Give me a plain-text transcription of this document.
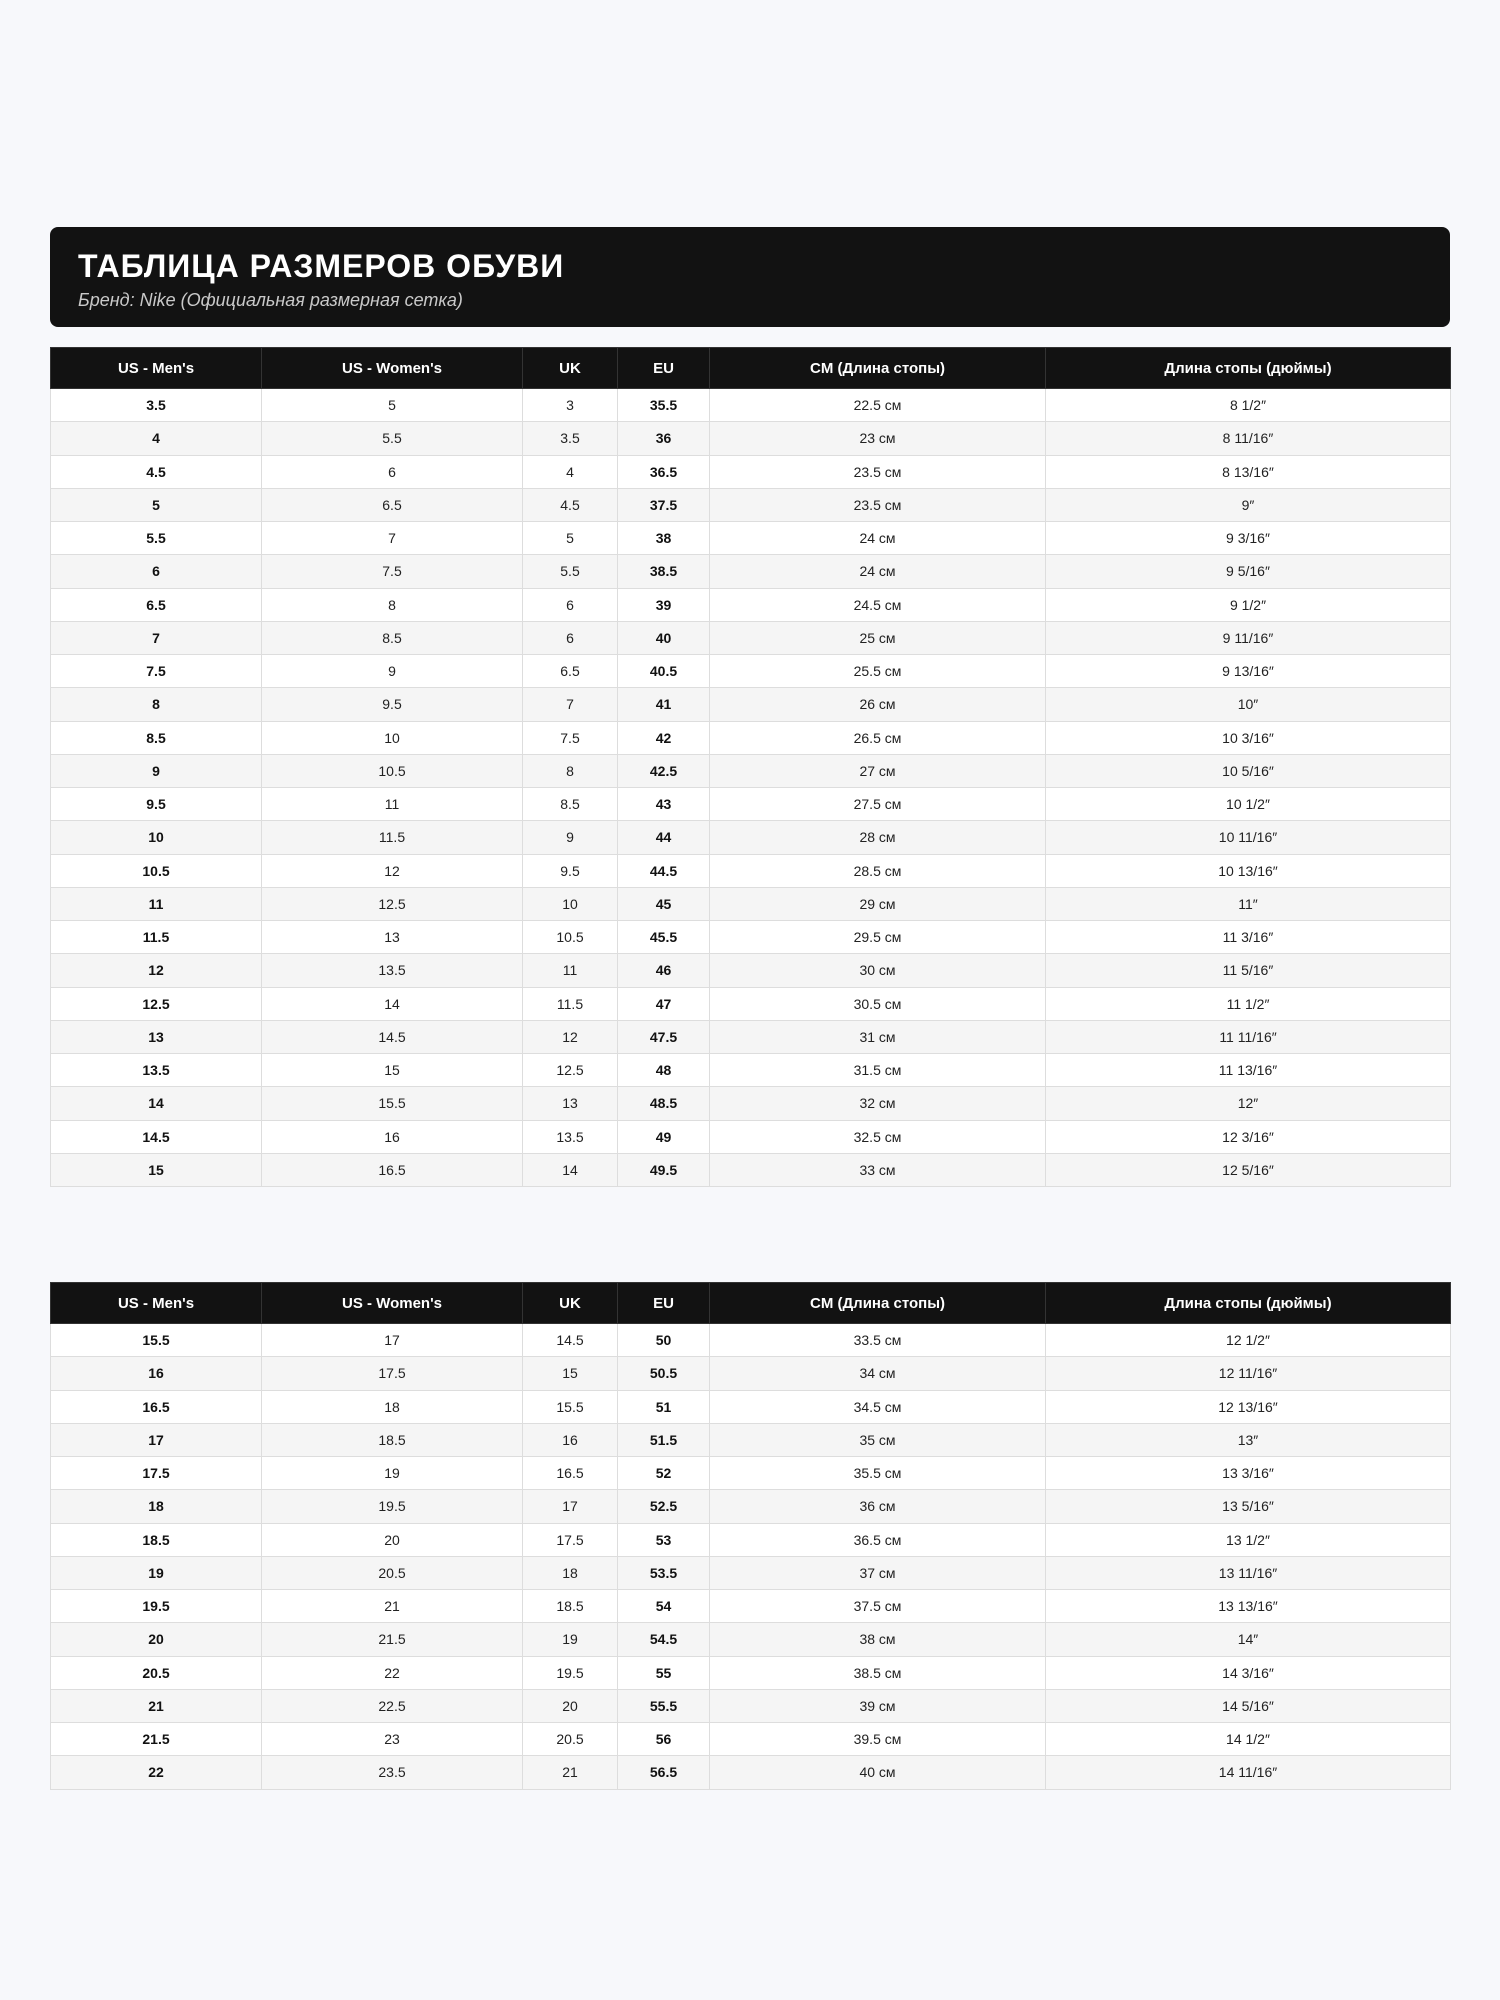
ТАБЛИЦА РАЗМЕРОВ ОБУВИ
Бренд: Nike (Официальная размерная сетка)
US - Men's	US - Women's	UK	EU	CM (Длина стопы)	Длина стопы (дюймы)
3.5	5	3	35.5	22.5 см	8 1/2″
4	5.5	3.5	36	23 см	8 11/16″
4.5	6	4	36.5	23.5 см	8 13/16″
5	6.5	4.5	37.5	23.5 см	9″
5.5	7	5	38	24 см	9 3/16″
6	7.5	5.5	38.5	24 см	9 5/16″
6.5	8	6	39	24.5 см	9 1/2″
7	8.5	6	40	25 см	9 11/16″
7.5	9	6.5	40.5	25.5 см	9 13/16″
8	9.5	7	41	26 см	10″
8.5	10	7.5	42	26.5 см	10 3/16″
9	10.5	8	42.5	27 см	10 5/16″
9.5	11	8.5	43	27.5 см	10 1/2″
10	11.5	9	44	28 см	10 11/16″
10.5	12	9.5	44.5	28.5 см	10 13/16″
11	12.5	10	45	29 см	11″
11.5	13	10.5	45.5	29.5 см	11 3/16″
12	13.5	11	46	30 см	11 5/16″
12.5	14	11.5	47	30.5 см	11 1/2″
13	14.5	12	47.5	31 см	11 11/16″
13.5	15	12.5	48	31.5 см	11 13/16″
14	15.5	13	48.5	32 см	12″
14.5	16	13.5	49	32.5 см	12 3/16″
15	16.5	14	49.5	33 см	12 5/16″
US - Men's	US - Women's	UK	EU	CM (Длина стопы)	Длина стопы (дюймы)
15.5	17	14.5	50	33.5 см	12 1/2″
16	17.5	15	50.5	34 см	12 11/16″
16.5	18	15.5	51	34.5 см	12 13/16″
17	18.5	16	51.5	35 см	13″
17.5	19	16.5	52	35.5 см	13 3/16″
18	19.5	17	52.5	36 см	13 5/16″
18.5	20	17.5	53	36.5 см	13 1/2″
19	20.5	18	53.5	37 см	13 11/16″
19.5	21	18.5	54	37.5 см	13 13/16″
20	21.5	19	54.5	38 см	14″
20.5	22	19.5	55	38.5 см	14 3/16″
21	22.5	20	55.5	39 см	14 5/16″
21.5	23	20.5	56	39.5 см	14 1/2″
22	23.5	21	56.5	40 см	14 11/16″
